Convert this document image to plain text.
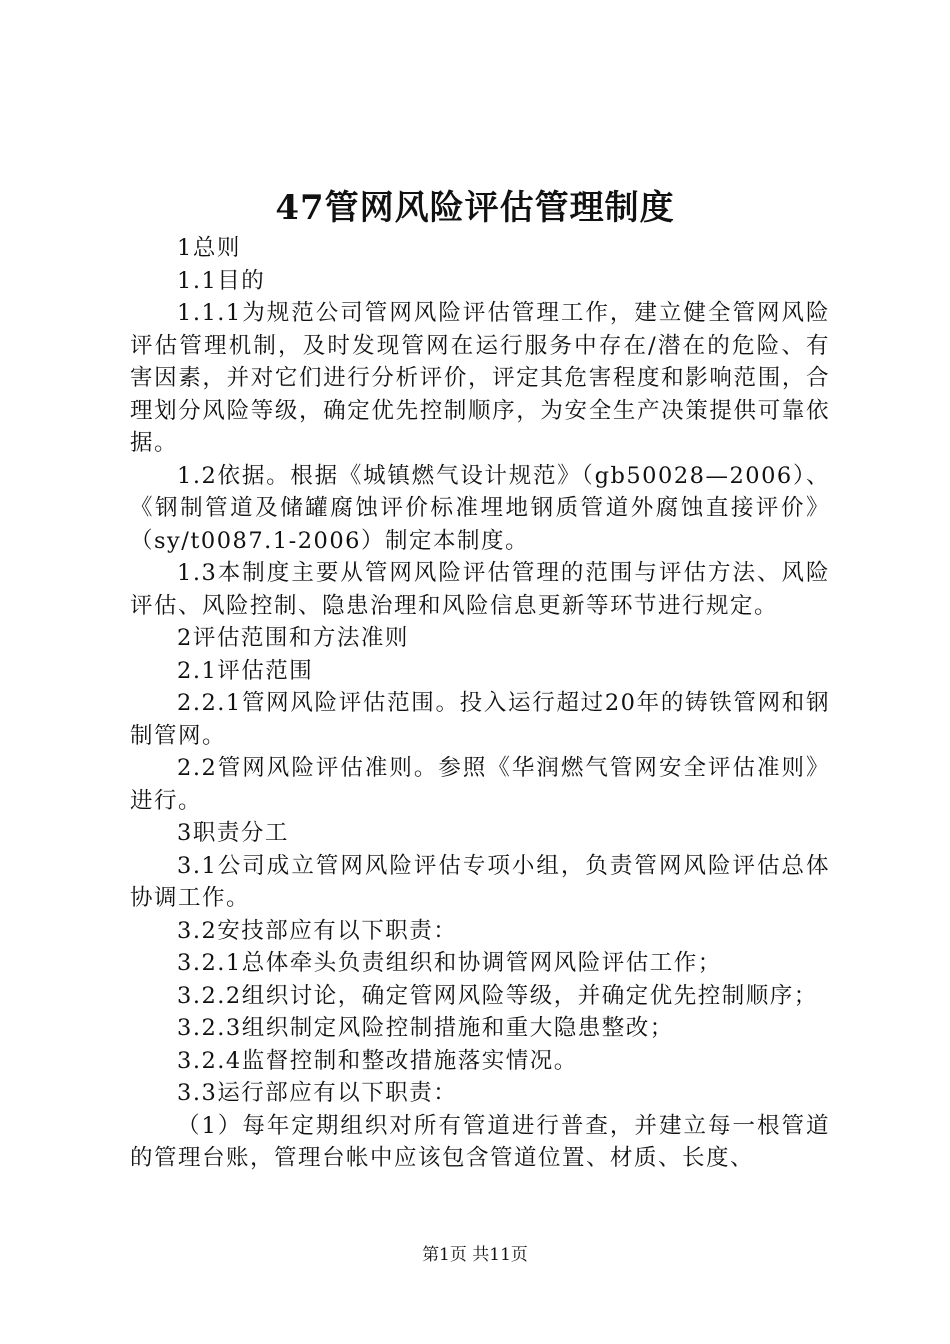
47管网风险评估管理制度

1总则

1.1目的

1.1.1为规范公司管网风险评估管理工作，建立健全管网风险评估管理机制，及时发现管网在运行服务中存在/潜在的危险、有害因素，并对它们进行分析评价，评定其危害程度和影响范围，合理划分风险等级，确定优先控制顺序，为安全生产决策提供可靠依据。

1.2依据。根据《城镇燃气设计规范》（gb50028—2006）、《钢制管道及储罐腐蚀评价标准埋地钢质管道外腐蚀直接评价》（sy/t0087.1-2006）制定本制度。

1.3本制度主要从管网风险评估管理的范围与评估方法、风险评估、风险控制、隐患治理和风险信息更新等环节进行规定。

2评估范围和方法准则

2.1评估范围

2.2.1管网风险评估范围。投入运行超过20年的铸铁管网和钢制管网。

2.2管网风险评估准则。参照《华润燃气管网安全评估准则》进行。

3职责分工

3.1公司成立管网风险评估专项小组，负责管网风险评估总体协调工作。

3.2安技部应有以下职责：

3.2.1总体牵头负责组织和协调管网风险评估工作；

3.2.2组织讨论，确定管网风险等级，并确定优先控制顺序；

3.2.3组织制定风险控制措施和重大隐患整改；

3.2.4监督控制和整改措施落实情况。

3.3运行部应有以下职责：

（1）每年定期组织对所有管道进行普查，并建立每一根管道的管理台账，管理台帐中应该包含管道位置、材质、长度、

第1页 共11页
